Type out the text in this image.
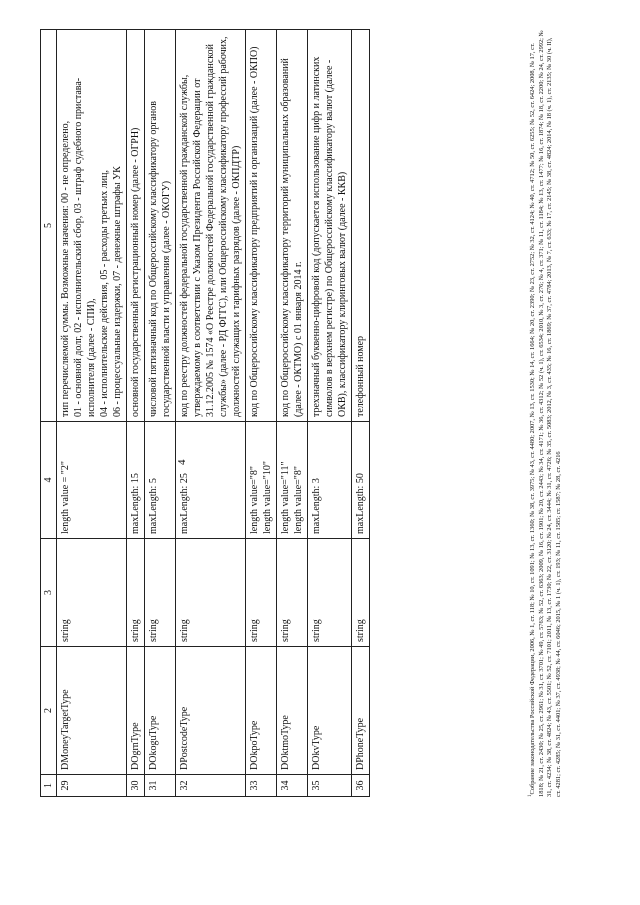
4
1	2	3	4	5
29	DMoneyTargetType	string	length value = "2"	тип перечисляемой суммы. Возможные значения: 00 - не определено,
01 - основной долг, 02 - исполнительский сбор, 03 - штраф судебного пристава-исполнителя (далее - СПИ),
04 - исполнительские действия, 05 - расходы третьих лиц,
06 - процессуальные издержки, 07 - денежные штрафы УК
30	DOgrnType	string	maxLength: 15	основной государственный регистрационный номер (далее - ОГРН)
31	DOkoguType	string	maxLength: 5	числовой пятизначный код по Общероссийскому классификатору органов государственной власти и управления (далее - ОКОГУ)
32	DPostcodeType	string	maxLength: 25	код по реестру должностей федеральной государственной гражданской службы, утверждаемому в соответствии с Указом Президента Российской Федерации от 31.12.2005 № 1574 «О Реестре должностей Федеральной государственной гражданской службы» (далее - РД ФГГС), или Общероссийскому классификатору профессий рабочих, должностей служащих и тарифных разрядов (далее - ОКПДТР)
33	DOkpoType	string	length value="8"
length value="10"	код по Общероссийскому классификатору предприятий и организаций (далее - ОКПО)
34	DOktmoType	string	length value="11"
length value="8"	код по Общероссийскому классификатору территорий муниципальных образований (далее - ОКТМО) с 01 января 2014 г.
35	DOkvType	string	maxLength: 3	трехзначный буквенно-цифровой код (допускается использование цифр и латинских символов в верхнем регистре) по Общероссийскому классификатору валют (далее - ОКВ), классификатору клиринговых валют (далее - ККВ)
36	DPhoneType	string	maxLength: 50	телефонный номер
$^1$Собрание законодательства Российской Федерации, 2006, № 1, ст. 118; № 10, ст. 1091; № 13, ст. 1360; № 38, ст. 3975; № 43, ст. 4480; 2007, № 13, ст. 1530; № 14, ст. 1664; № 20, ст. 2390; № 23, ст. 2752; № 32, ст. 4124; № 40, ст. 4712; № 50, ст. 6255; № 52, ст. 6424; 2008, № 17, ст. 1818; № 21, ст. 2430; № 25, ст. 2961; № 31, ст. 3701; № 49, ст. 5763; № 52, ст. 6363; 2009, № 16, ст. 1901; № 20, ст. 2443; № 34, ст. 4171; № 36, ст. 4312; № 52 (ч. 1), ст. 6534; 2010, № 3, ст. 276; № 4, ст. 371; № 11, ст. 1184; № 13, ст. 1477; № 16, ст. 1874; № 18, ст. 2200; № 24, ст. 2992; № 31, ст. 4234; № 38, ст. 4824; № 43, ст. 5501; № 52, ст. 7101; 2011, № 13, ст. 1730; № 22, ст. 3120; № 24, ст. 3444; № 31, ст. 4726; № 35, ст. 5083; 2012, № 3, ст. 435; № 16, ст. 1869; № 37, ст. 4784; 2013, № 7, ст. 633; № 17, ст. 2145; № 38, ст. 4824; 2014, № 18 (ч. 1), ст. 2135; № 30 (ч. II), ст. 4281; ст. 4285; № 31, ст. 4401; № 37, ст. 4938; № 44, ст. 6046; 2015, № 1 (ч. 1), ст. 193; № 11, ст. 1585; ст. 1587; № 28, ст. 4216
